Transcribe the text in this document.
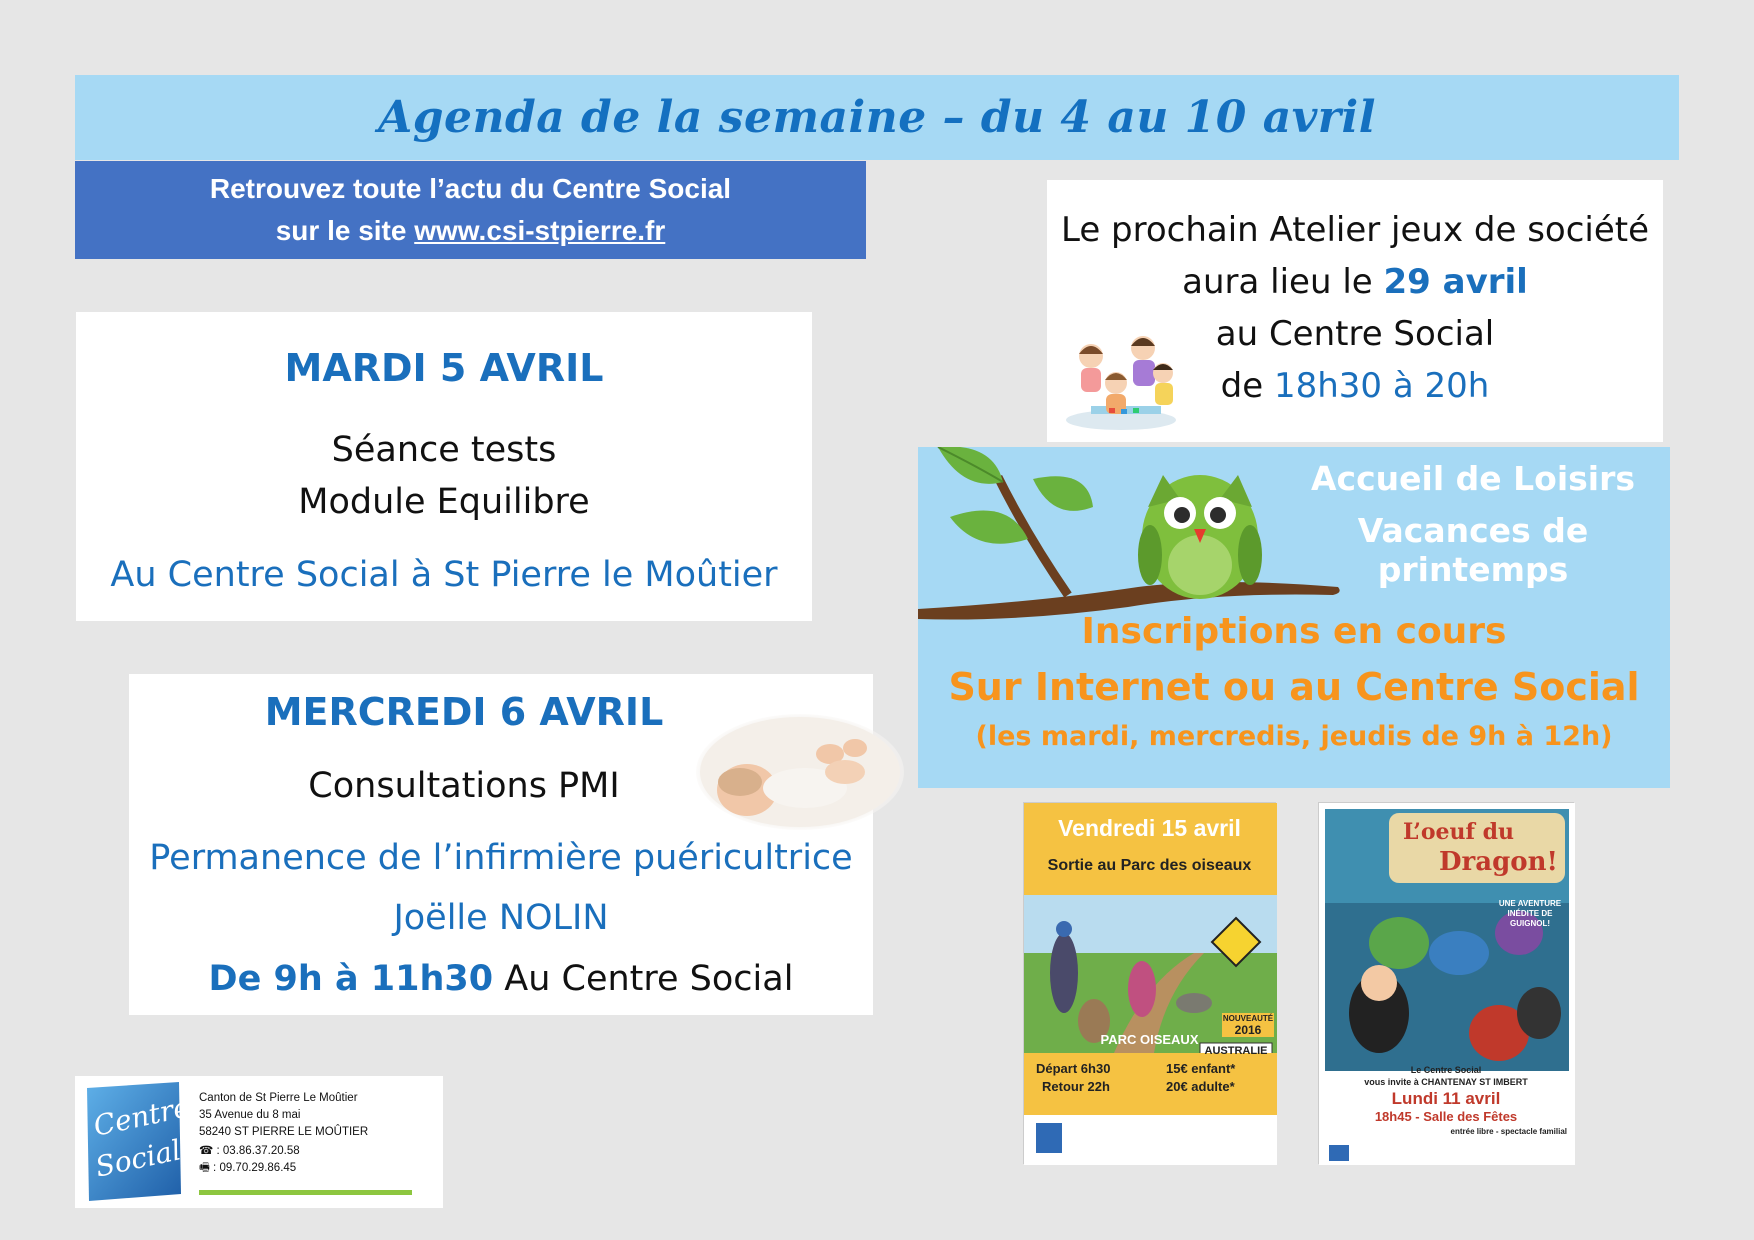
Agenda de la semaine – du 4 au 10 avril
Retrouvez toute l’actu du Centre Social
sur le site www.csi-stpierre.fr
MARDI 5 AVRIL
Séance tests
Module Equilibre
Au Centre Social à St Pierre le Moûtier
MERCREDI 6 AVRIL
Consultations PMI
Permanence de l’infirmière puéricultrice
Joëlle NOLIN
De 9h à 11h30 Au Centre Social
Le prochain Atelier jeux de société
aura lieu le 29 avril
au Centre Social
de 18h30 à 20h
Accueil de Loisirs
Vacances de printemps
Inscriptions en cours
Sur Internet ou au Centre Social
(les mardi, mercredis, jeudis de 9h à 12h)
Vendredi 15 avril
Sortie au Parc des oiseaux
NOUVEAUTÉ
2016
AUSTRALIE
PARC OISEAUX
Départ 6h30
Retour 22h
15€ enfant*
20€ adulte*
L’oeuf du
Dragon!
UNE AVENTURE INÉDITE DE GUIGNOL!
Le Centre Social
vous invite à CHANTENAY ST IMBERT
Lundi 11 avril
18h45 - Salle des Fêtes
entrée libre - spectacle familial
Centre
Social
Canton de St Pierre Le Moûtier
35 Avenue du 8 mai
58240 ST PIERRE LE MOÛTIER
☎ : 03.86.37.20.58
🖷 : 09.70.29.86.45
